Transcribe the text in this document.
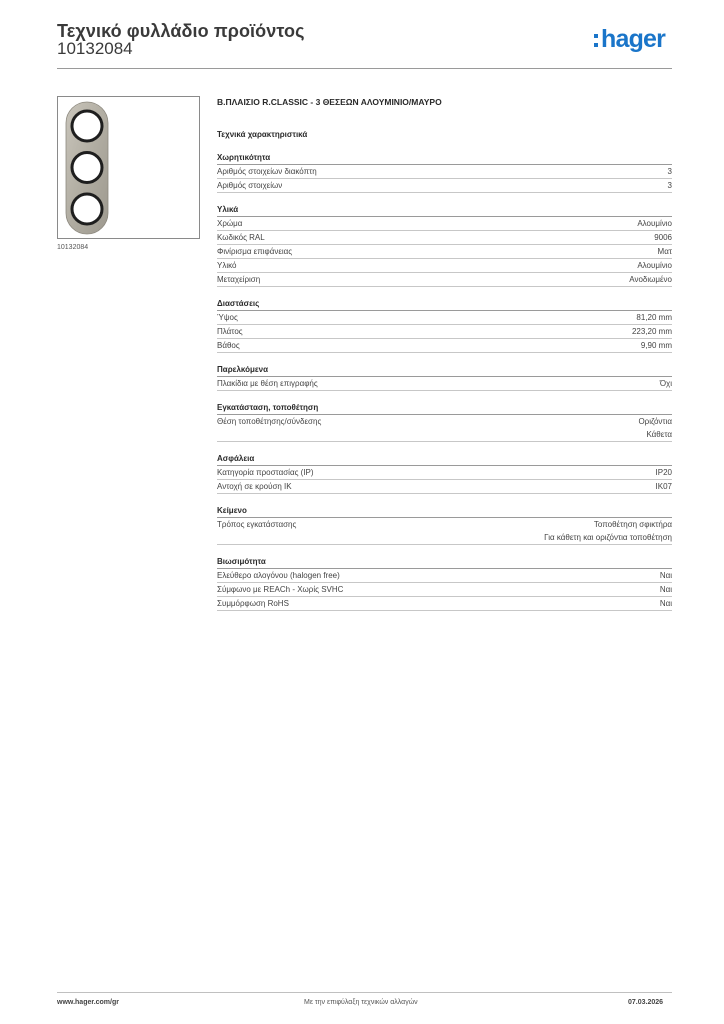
Τεχνικό φυλλάδιο προϊόντος
10132084	hager
10132084
Β.ΠΛΑΙΣΙΟ R.CLASSIC - 3 ΘΕΣΕΩΝ ΑΛΟΥΜΙΝΙΟ/ΜΑΥΡΟ
Τεχνικά χαρακτηριστικά
Χωρητικότητα
Αριθμός στοιχείων διακόπτη	3
Αριθμός στοιχείων	3
Υλικά
Χρώμα	Αλουμίνιο
Κωδικός RAL	9006
Φινίρισμα επιφάνειας	Ματ
Υλικό	Αλουμίνιο
Μεταχείριση	Ανοδιωμένο
Διαστάσεις
Ύψος	81,20 mm
Πλάτος	223,20 mm
Βάθος	9,90 mm
Παρελκόμενα
Πλακίδια με θέση επιγραφής	Όχι
Εγκατάσταση, τοποθέτηση
Θέση τοποθέτησης/σύνδεσης	Οριζόντια
Κάθετα
Ασφάλεια
Κατηγορία προστασίας (IP)	IP20
Αντοχή σε κρούση IK	IK07
Κείμενο
Τρόπος εγκατάστασης	Τοποθέτηση σφικτήρα
Για κάθετη και οριζόντια τοποθέτηση
Βιωσιμότητα
Ελεύθερο αλογόνου (halogen free)	Ναι
Σύμφωνο με REACh - Χωρίς SVHC	Ναι
Συμμόρφωση RoHS	Ναι
www.hager.com/gr	Με την επιφύλαξη τεχνικών αλλαγών	07.03.2026
